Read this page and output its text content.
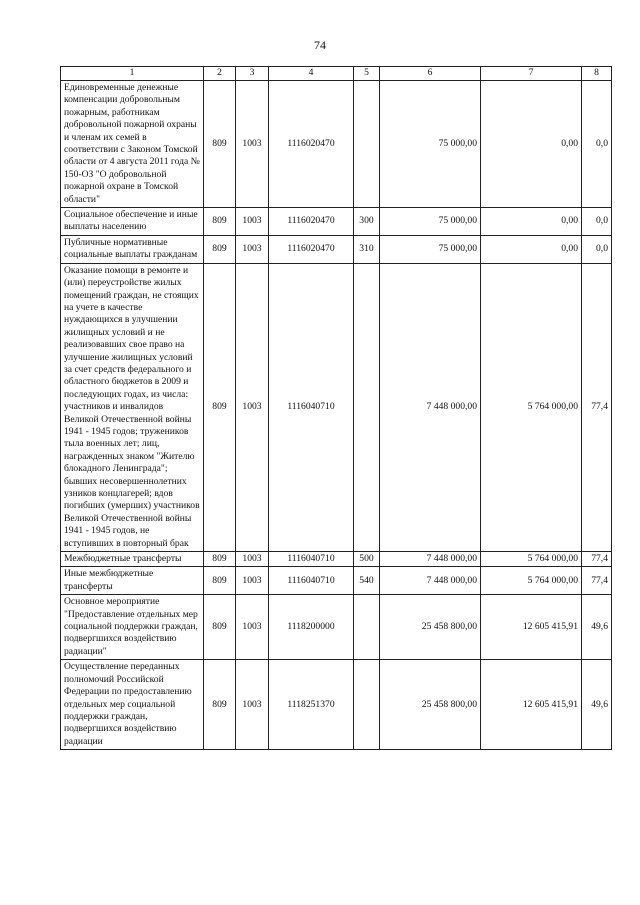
74
1	2	3	4	5	6	7	8
Единовременные денежные компенсации добровольным пожарным, работникам добровольной пожарной охраны и членам их семей в соответствии с Законом Томской области от 4 августа 2011 года № 150-ОЗ "О добровольной пожарной охране в Томской области"	809	1003	1116020470		75 000,00	0,00	0,0
Социальное обеспечение и иные выплаты населению	809	1003	1116020470	300	75 000,00	0,00	0,0
Публичные нормативные социальные выплаты гражданам	809	1003	1116020470	310	75 000,00	0,00	0,0
Оказание помощи в ремонте и (или) переустройстве жилых помещений граждан, не стоящих на учете в качестве нуждающихся в улучшении жилищных условий и не реализовавших свое право на улучшение жилищных условий за счет средств федерального и областного бюджетов в 2009 и последующих годах, из числа: участников и инвалидов Великой Отечественной войны 1941 - 1945 годов; тружеников тыла военных лет; лиц, награжденных знаком "Жителю блокадного Ленинграда"; бывших несовершеннолетних узников концлагерей; вдов погибших (умерших) участников Великой Отечественной войны 1941 - 1945 годов, не вступивших в повторный брак	809	1003	1116040710		7 448 000,00	5 764 000,00	77,4
Межбюджетные трансферты	809	1003	1116040710	500	7 448 000,00	5 764 000,00	77,4
Иные межбюджетные трансферты	809	1003	1116040710	540	7 448 000,00	5 764 000,00	77,4
Основное мероприятие "Предоставление отдельных мер социальной поддержки граждан, подвергшихся воздействию радиации"	809	1003	1118200000		25 458 800,00	12 605 415,91	49,6
Осуществление переданных полномочий Российской Федерации по предоставлению отдельных мер социальной поддержки граждан, подвергшихся воздействию радиации	809	1003	1118251370		25 458 800,00	12 605 415,91	49,6
